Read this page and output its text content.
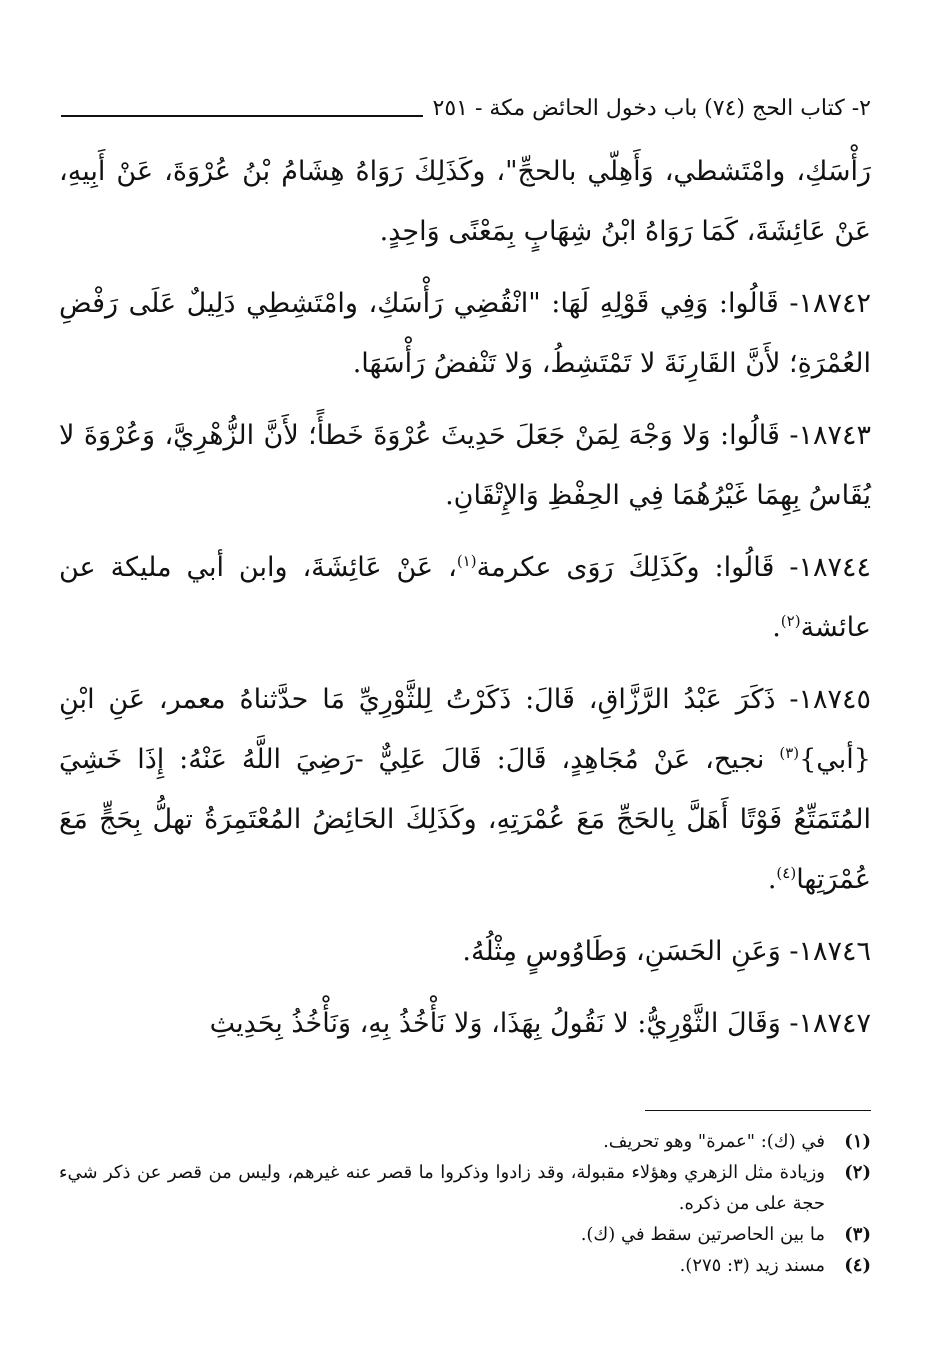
٢- كتاب الحج (٧٤) باب دخول الحائض مكة - ٢٥١

رَأْسَكِ، وامْتَشطي، وَأَهِلّي بالحجِّ"، وكَذَلِكَ رَوَاهُ هِشَامُ بْنُ عُرْوَةَ، عَنْ أَبِيهِ، عَنْ عَائِشَةَ، كَمَا رَوَاهُ ابْنُ شِهَابٍ بِمَعْنًى وَاحِدٍ.

١٨٧٤٢- قَالُوا: وَفِي قَوْلِهِ لَهَا: "انْقُضِي رَأْسَكِ، وامْتَشِطِي دَلِيلٌ عَلَى رَفْضِ العُمْرَةِ؛ لأَنَّ القَارِنَةَ لا تَمْتَشِطُ، وَلا تَنْفضُ رَأْسَهَا.

١٨٧٤٣- قَالُوا: وَلا وَجْهَ لِمَنْ جَعَلَ حَدِيثَ عُرْوَةَ خَطأً؛ لأَنَّ الزُّهْرِيَّ، وَعُرْوَةَ لا يُقَاسُ بِهِمَا غَيْرُهُمَا فِي الحِفْظِ وَالإِتْقَانِ.

١٨٧٤٤- قَالُوا: وكَذَلِكَ رَوَى عكرمة$^{(١)}$، عَنْ عَائِشَةَ، وابن أبي مليكة عن عائشة$^{(٢)}$.

١٨٧٤٥- ذَكَرَ عَبْدُ الرَّزَّاقِ، قَالَ: ذَكَرْتُ لِلثَّوْرِيِّ مَا حدَّثناهُ معمر، عَنِ ابْنِ {أبي}$^{(٣)}$ نجيح، عَنْ مُجَاهِدٍ، قَالَ: قَالَ عَلِيٌّ -رَضِيَ اللَّهُ عَنْهُ: إِذَا خَشِيَ المُتَمَتِّعُ فَوْتًا أَهَلَّ بِالحَجِّ مَعَ عُمْرَتِهِ، وكَذَلِكَ الحَائِضُ المُعْتَمِرَةُ تهلُّ بِحَجٍّ مَعَ عُمْرَتِها$^{(٤)}$.

١٨٧٤٦- وَعَنِ الحَسَنِ، وَطَاوُوسٍ مِثْلُهُ.

١٨٧٤٧- وَقَالَ الثَّوْرِيُّ: لا نَقُولُ بِهَذَا، وَلا نَأْخُذُ بِهِ، وَنَأْخُذُ بِحَدِيثِ

(١)
في (ك): "عمرة" وهو تحريف.
(٢)
وزيادة مثل الزهري وهؤلاء مقبولة، وقد زادوا وذكروا ما قصر عنه غيرهم، وليس من قصر عن ذكر شيء حجة على من ذكره.
(٣)
ما بين الحاصرتين سقط في (ك).
(٤)
مسند زيد (٣: ٢٧٥).
